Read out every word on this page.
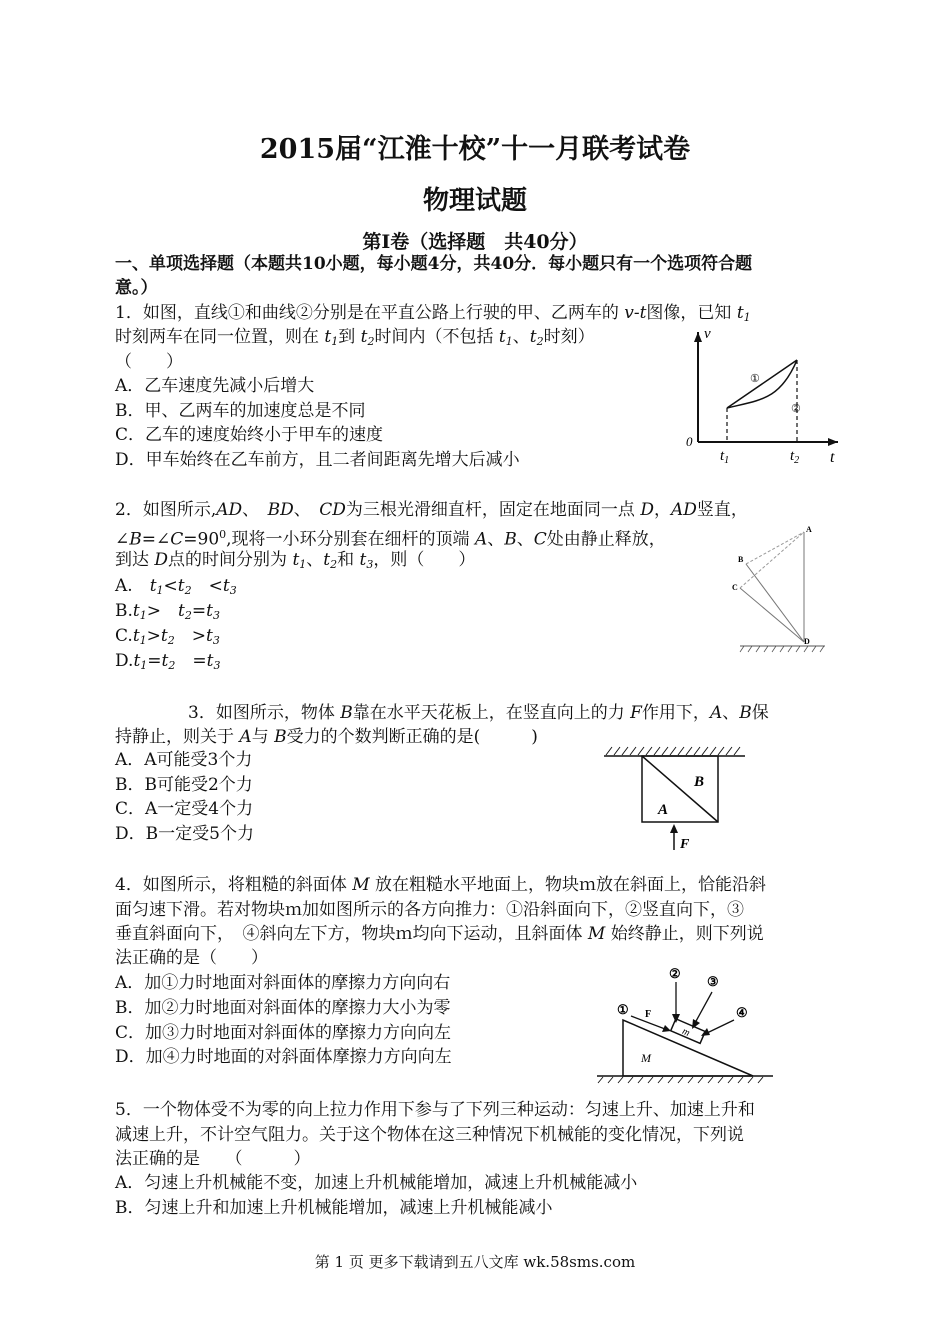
2015届“江淮十校”十一月联考试卷
物理试题
第Ⅰ卷（选择题　共40分）
一、单项选择题（本题共10小题，每小题4分，共40分．每小题只有一个选项符合题
意。）
1．如图，直线①和曲线②分别是在平直公路上行驶的甲、乙两车的 v-t图像，已知 $t_1$
时刻两车在同一位置，则在 $t_1$到 $t_2$时间内（不包括 $t_1$、$t_2$时刻）
（　　）
A．乙车速度先减小后增大
B．甲、乙两车的加速度总是不同
C．乙车的速度始终小于甲车的速度
D．甲车始终在乙车前方，且二者间距离先增大后减小
v
0
t
①
②
$t_1$	$t_2$
2．如图所示,AD、　BD、　CD为三根光滑细直杆，固定在地面同一点 D，AD竖直，
$\angle B=\angle C=90^0$,现将一小环分别套在细杆的顶端 A、B、C处由静止释放，
到达 D点的时间分别为 $t_1$、$t_2$和 $t_3$，则（　　）
A.　$t_1<t_2$　$<t_3$
$B.t_1>$　$t_2=t_3$
$C.t_1>t_2$　$>t_3$
$D.t_1=t_2$　$=t_3$
A
B
C
D
3．如图所示，物体 B靠在水平天花板上，在竖直向上的力 F作用下，A、B保
持静止，则关于 A与 B受力的个数判断正确的是(　　　)
A．A可能受3个力
B．B可能受2个力
C．A一定受4个力
D．B一定受5个力
B
A
F
4．如图所示，将粗糙的斜面体 M 放在粗糙水平地面上，物块ｍ放在斜面上，恰能沿斜
面匀速下滑。若对物块ｍ加如图所示的各方向推力：①沿斜面向下，②竖直向下，③
垂直斜面向下，　④斜向左下方，物块ｍ均向下运动，且斜面体 M 始终静止，则下列说
法正确的是（　　）
A．加①力时地面对斜面体的摩擦力方向向右
B．加②力时地面对斜面体的摩擦力大小为零
C．加③力时地面对斜面体的摩擦力方向向左
D．加④力时地面的对斜面体摩擦力方向向左	M
m
F
①
②
③
④
5．一个物体受不为零的向上拉力作用下参与了下列三种运动：匀速上升、加速上升和
减速上升，不计空气阻力。关于这个物体在这三种情况下机械能的变化情况，下列说
法正确的是　　（　　　）
A．匀速上升机械能不变，加速上升机械能增加，减速上升机械能减小
B．匀速上升和加速上升机械能增加，减速上升机械能减小
第 1 页 更多下载请到五八文库 wk.58sms.com
